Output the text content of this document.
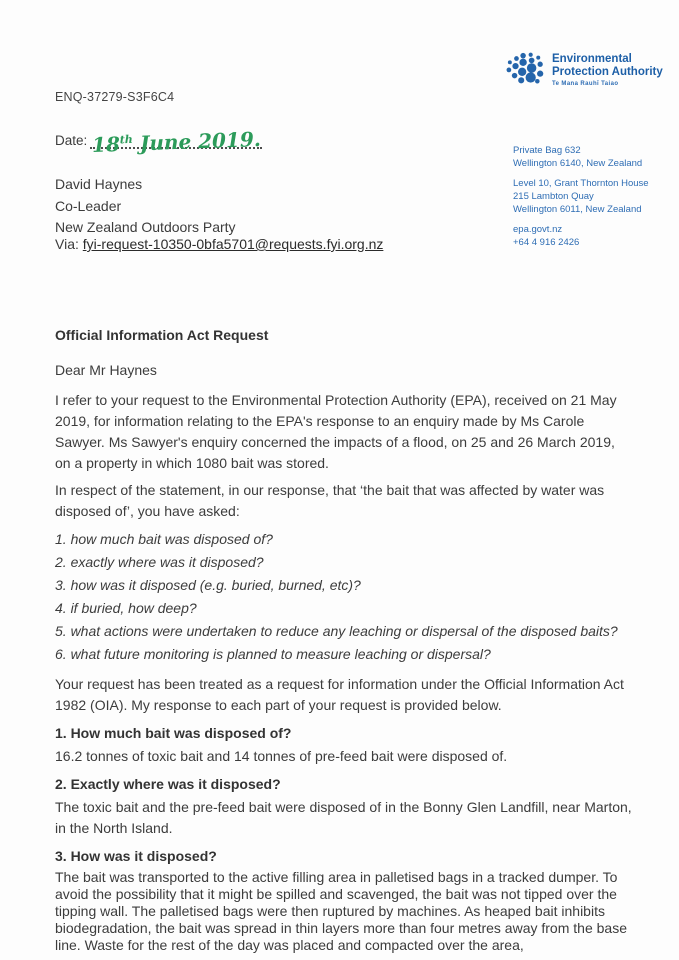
ENQ-37279-S3F6C4
Date: 18th June 2019.
Environmental
Protection Authority
Te Mana Rauhī Taiao
Private Bag 632
Wellington 6140, New Zealand
Level 10, Grant Thornton House
215 Lambton Quay
Wellington 6011, New Zealand
epa.govt.nz
+64 4 916 2426
David Haynes
Co-Leader
New Zealand Outdoors Party
Via: fyi-request-10350-0bfa5701@requests.fyi.org.nz

Official Information Act Request

Dear Mr Haynes

I refer to your request to the Environmental Protection Authority (EPA), received on 21 May 2019, for information relating to the EPA's response to an enquiry made by Ms Carole Sawyer. Ms Sawyer's enquiry concerned the impacts of a flood, on 25 and 26 March 2019, on a property in which 1080 bait was stored.

In respect of the statement, in our response, that ‘the bait that was affected by water was disposed of’, you have asked:

1. how much bait was disposed of?
2. exactly where was it disposed?
3. how was it disposed (e.g. buried, burned, etc)?
4. if buried, how deep?
5. what actions were undertaken to reduce any leaching or dispersal of the disposed baits?
6. what future monitoring is planned to measure leaching or dispersal?

Your request has been treated as a request for information under the Official Information Act 1982 (OIA). My response to each part of your request is provided below.

1. How much bait was disposed of?

16.2 tonnes of toxic bait and 14 tonnes of pre-feed bait were disposed of.

2. Exactly where was it disposed?

The toxic bait and the pre-feed bait were disposed of in the Bonny Glen Landfill, near Marton, in the North Island.

3. How was it disposed?

The bait was transported to the active filling area in palletised bags in a tracked dumper. To avoid the possibility that it might be spilled and scavenged, the bait was not tipped over the tipping wall. The palletised bags were then ruptured by machines. As heaped bait inhibits biodegradation, the bait was spread in thin layers more than four metres away from the base line. Waste for the rest of the day was placed and compacted over the area,
